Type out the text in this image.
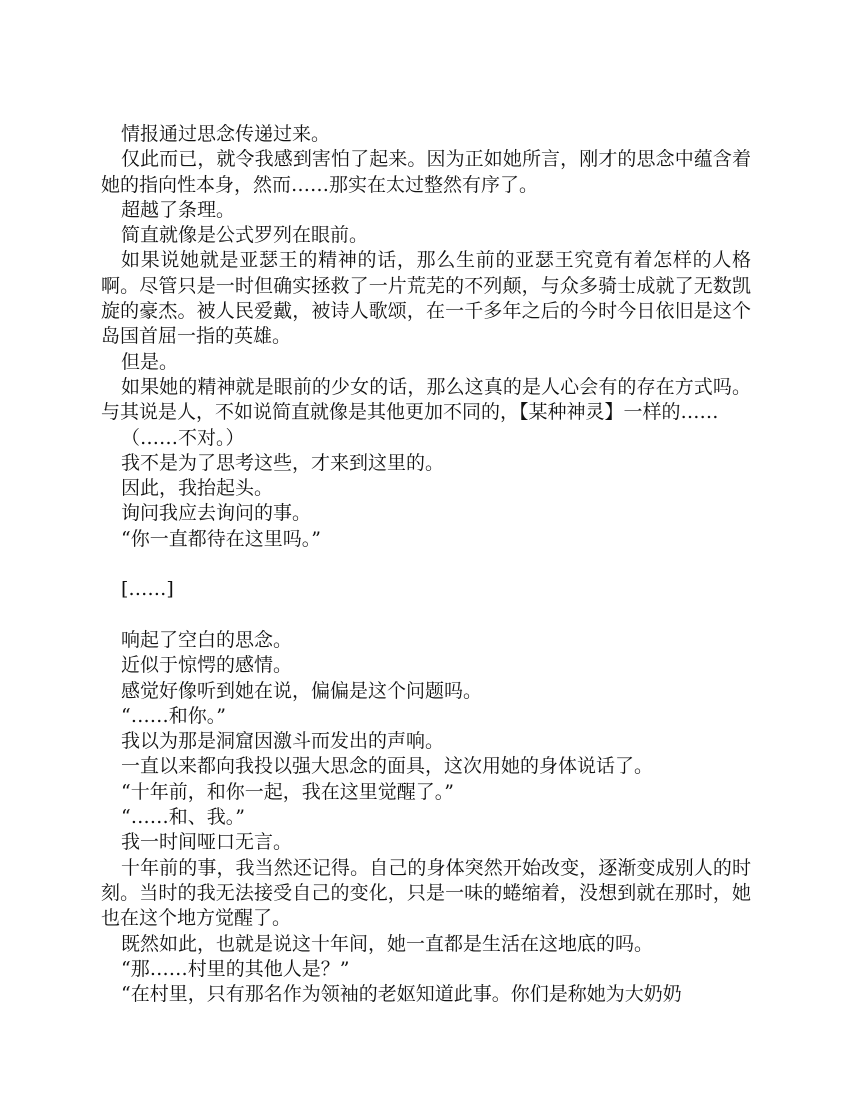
情报通过思念传递过来。

仅此而已，就令我感到害怕了起来。因为正如她所言，刚才的思念中蕴含着她的指向性本身，然而……那实在太过整然有序了。

超越了条理。

简直就像是公式罗列在眼前。

如果说她就是亚瑟王的精神的话，那么生前的亚瑟王究竟有着怎样的人格啊。尽管只是一时但确实拯救了一片荒芜的不列颠，与众多骑士成就了无数凯旋的豪杰。被人民爱戴，被诗人歌颂，在一千多年之后的今时今日依旧是这个岛国首屈一指的英雄。

但是。

如果她的精神就是眼前的少女的话，那么这真的是人心会有的存在方式吗。与其说是人，不如说简直就像是其他更加不同的，【某种神灵】一样的……

（……不对。）

我不是为了思考这些，才来到这里的。

因此，我抬起头。

询问我应去询问的事。

“你一直都待在这里吗。”

[……]

响起了空白的思念。

近似于惊愕的感情。

感觉好像听到她在说，偏偏是这个问题吗。

“……和你。”

我以为那是洞窟因激斗而发出的声响。

一直以来都向我投以强大思念的面具，这次用她的身体说话了。

“十年前，和你一起，我在这里觉醒了。”

“……和、我。”

我一时间哑口无言。

十年前的事，我当然还记得。自己的身体突然开始改变，逐渐变成别人的时刻。当时的我无法接受自己的变化，只是一味的蜷缩着，没想到就在那时，她也在这个地方觉醒了。

既然如此，也就是说这十年间，她一直都是生活在这地底的吗。

“那……村里的其他人是？”

“在村里，只有那名作为领袖的老妪知道此事。你们是称她为大奶奶
